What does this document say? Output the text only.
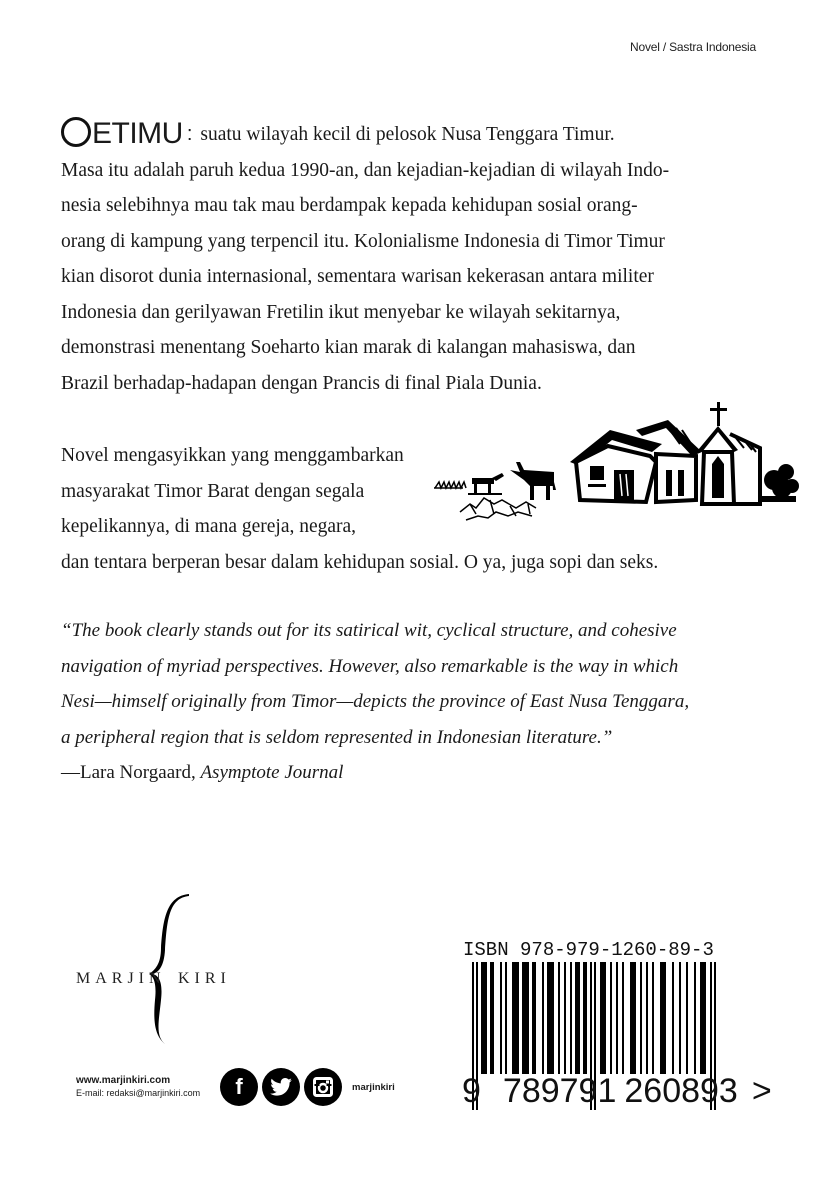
Novel / Sastra Indonesia
ETIMU : suatu wilayah kecil di pelosok Nusa Tenggara Timur.
Masa itu adalah paruh kedua 1990-an, dan kejadian-kejadian di wilayah Indo-
nesia selebihnya mau tak mau berdampak kepada kehidupan sosial orang-
orang di kampung yang terpencil itu. Kolonialisme Indonesia di Timor Timur
kian disorot dunia internasional, sementara warisan kekerasan antara militer
Indonesia dan gerilyawan Fretilin ikut menyebar ke wilayah sekitarnya,
demonstrasi menentang Soeharto kian marak di kalangan mahasiswa, dan
Brazil berhadap-hadapan dengan Prancis di final Piala Dunia.
Novel mengasyikkan yang menggambarkan
masyarakat Timor Barat dengan segala
kepelikannya, di mana gereja, negara,
dan tentara berperan besar dalam kehidupan sosial. O ya, juga sopi dan seks.
“The book clearly stands out for its satirical wit, cyclical structure, and cohesive
navigation of myriad perspectives. However, also remarkable is the way in which
Nesi—himself originally from Timor—depicts the province of East Nusa Tenggara,
a peripheral region that is seldom represented in Indonesian literature.”
—Lara Norgaard, Asymptote Journal
MARJIN KIRI
www.marjinkiri.com
E-mail: redaksi@marjinkiri.com f	marjinkiri
ISBN 978-979-1260-89-3
9 789791 260893 >
